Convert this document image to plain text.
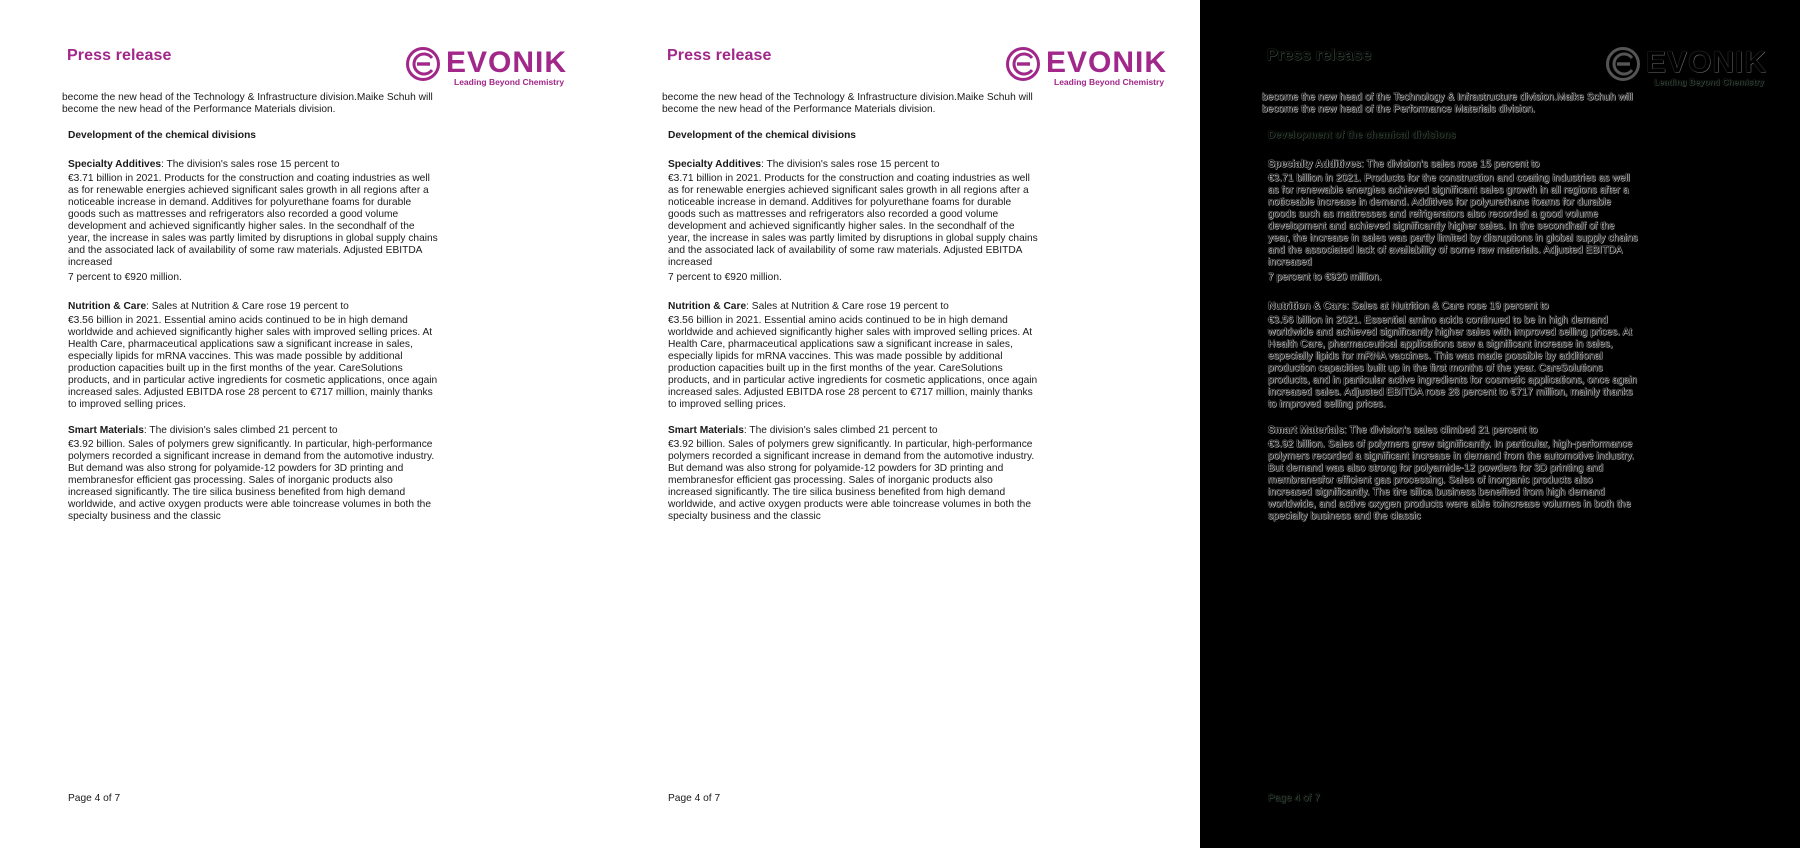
Press release	EVONIK
Leading Beyond Chemistry

become the new head of the Technology & Infrastructure division.Maike Schuh will become the new head of the Performance Materials division.

Development of the chemical divisions

Specialty Additives: The division's sales rose 15 percent to

€3.71 billion in 2021. Products for the construction and coating industries as well as for renewable energies achieved significant sales growth in all regions after a noticeable increase in demand. Additives for polyurethane foams for durable goods such as mattresses and refrigerators also recorded a good volume development and achieved significantly higher sales. In the secondhalf of the year, the increase in sales was partly limited by disruptions in global supply chains and the associated lack of availability of some raw materials. Adjusted EBITDA increased

7 percent to €920 million.

Nutrition & Care: Sales at Nutrition & Care rose 19 percent to

€3.56 billion in 2021. Essential amino acids continued to be in high demand worldwide and achieved significantly higher sales with improved selling prices. At Health Care, pharmaceutical applications saw a significant increase in sales, especially lipids for mRNA vaccines. This was made possible by additional production capacities built up in the first months of the year. CareSolutions products, and in particular active ingredients for cosmetic applications, once again increased sales. Adjusted EBITDA rose 28 percent to €717 million, mainly thanks to improved selling prices.

Smart Materials: The division's sales climbed 21 percent to

€3.92 billion. Sales of polymers grew significantly. In particular, high-performance polymers recorded a significant increase in demand from the automotive industry. But demand was also strong for polyamide-12 powders for 3D printing and membranesfor efficient gas processing. Sales of inorganic products also increased significantly. The tire silica business benefited from high demand worldwide, and active oxygen products were able toincrease volumes in both the specialty business and the classic

Page 4 of 7

Press release	EVONIK
Leading Beyond Chemistry

become the new head of the Technology & Infrastructure division.Maike Schuh will become the new head of the Performance Materials division.

Development of the chemical divisions

Specialty Additives: The division's sales rose 15 percent to

€3.71 billion in 2021. Products for the construction and coating industries as well as for renewable energies achieved significant sales growth in all regions after a noticeable increase in demand. Additives for polyurethane foams for durable goods such as mattresses and refrigerators also recorded a good volume development and achieved significantly higher sales. In the secondhalf of the year, the increase in sales was partly limited by disruptions in global supply chains and the associated lack of availability of some raw materials. Adjusted EBITDA increased

7 percent to €920 million.

Nutrition & Care: Sales at Nutrition & Care rose 19 percent to

€3.56 billion in 2021. Essential amino acids continued to be in high demand worldwide and achieved significantly higher sales with improved selling prices. At Health Care, pharmaceutical applications saw a significant increase in sales, especially lipids for mRNA vaccines. This was made possible by additional production capacities built up in the first months of the year. CareSolutions products, and in particular active ingredients for cosmetic applications, once again increased sales. Adjusted EBITDA rose 28 percent to €717 million, mainly thanks to improved selling prices.

Smart Materials: The division's sales climbed 21 percent to

€3.92 billion. Sales of polymers grew significantly. In particular, high-performance polymers recorded a significant increase in demand from the automotive industry. But demand was also strong for polyamide-12 powders for 3D printing and membranesfor efficient gas processing. Sales of inorganic products also increased significantly. The tire silica business benefited from high demand worldwide, and active oxygen products were able toincrease volumes in both the specialty business and the classic

Page 4 of 7

Press release	EVONIK
Leading Beyond Chemistry

become the new head of the Technology & Infrastructure division.Maike Schuh will become the new head of the Performance Materials division.

Development of the chemical divisions

Specialty Additives: The division's sales rose 15 percent to

€3.71 billion in 2021. Products for the construction and coating industries as well as for renewable energies achieved significant sales growth in all regions after a noticeable increase in demand. Additives for polyurethane foams for durable goods such as mattresses and refrigerators also recorded a good volume development and achieved significantly higher sales. In the secondhalf of the year, the increase in sales was partly limited by disruptions in global supply chains and the associated lack of availability of some raw materials. Adjusted EBITDA increased

7 percent to €920 million.

Nutrition & Care: Sales at Nutrition & Care rose 19 percent to

€3.56 billion in 2021. Essential amino acids continued to be in high demand worldwide and achieved significantly higher sales with improved selling prices. At Health Care, pharmaceutical applications saw a significant increase in sales, especially lipids for mRNA vaccines. This was made possible by additional production capacities built up in the first months of the year. CareSolutions products, and in particular active ingredients for cosmetic applications, once again increased sales. Adjusted EBITDA rose 28 percent to €717 million, mainly thanks to improved selling prices.

Smart Materials: The division's sales climbed 21 percent to

€3.92 billion. Sales of polymers grew significantly. In particular, high-performance polymers recorded a significant increase in demand from the automotive industry. But demand was also strong for polyamide-12 powders for 3D printing and membranesfor efficient gas processing. Sales of inorganic products also increased significantly. The tire silica business benefited from high demand worldwide, and active oxygen products were able toincrease volumes in both the specialty business and the classic

Page 4 of 7
